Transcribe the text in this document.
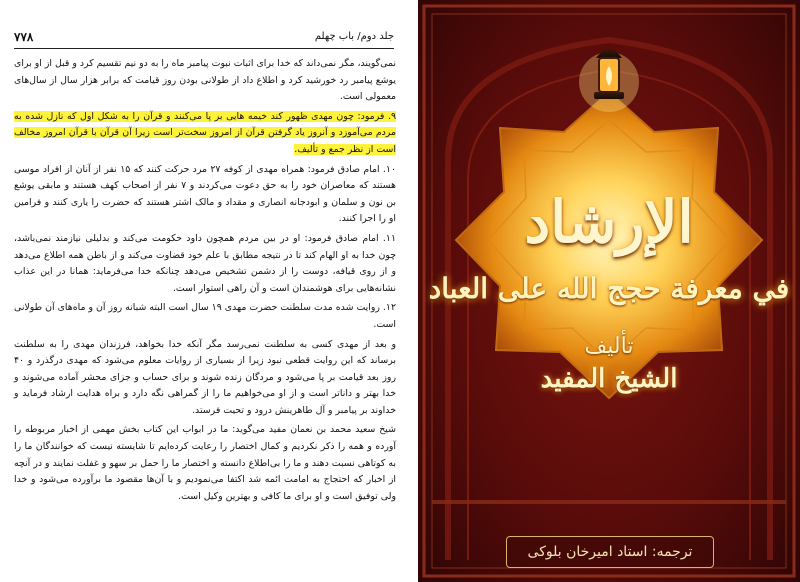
۷۷۸	جلد دوم/ باب چهلم

نمی‌گویند، مگر نمی‌داند که خدا برای اثبات نبوت پیامبر ماه را به دو نیم تقسیم کرد و قبل از او برای یوشع پیامبر رد خورشید کرد و اطلاع داد از طولانی بودن روز قیامت که برابر هزار سال از سال‌های معمولی است.

۹. فرمود: چون مهدی ظهور کند خیمه هایی بر پا می‌کنند و قرآن را به شکل اول که نازل شده به مردم می‌آموزد و آنروز یاد گرفتن قرآن از امروز سخت‌تر است زیرا آن قرآن با قرآن امروز مخالف است از نظر جمع و تألیف.

۱۰. امام صادق فرمود: همراه مهدی از کوفه ۲۷ مرد حرکت کنند که ۱۵ نفر از آنان از افراد موسی هستند که معاصران خود را به حق دعوت می‌کردند و ۷ نفر از اصحاب کهف هستند و مابقی یوشع بن نون و سلمان و ابودجانه انصاری و مقداد و مالک اشتر هستند که حضرت را یاری کنند و فرامین او را اجرا کنند.

۱۱. امام صادق فرمود: او در بین مردم همچون داود حکومت می‌کند و بدلیلی نیازمند نمی‌باشد، چون خدا به او الهام کند تا در نتیجه مطابق با علم خود قضاوت می‌کند و از باطن همه اطلاع می‌دهد و از روی قیافه، دوست را از دشمن تشخیص می‌دهد چنانکه خدا می‌فرماید: همانا در این عذاب نشانه‌هایی برای هوشمندان است و آن راهی استوار است.

۱۲. روایت شده مدت سلطنت حضرت مهدی ۱۹ سال است البته شبانه روز آن و ماه‌های آن طولانی است.

و بعد از مهدی کسی به سلطنت نمی‌رسد مگر آنکه خدا بخواهد، فرزندان مهدی را به سلطنت برساند که این روایت قطعی نبود زیرا از بسیاری از روایات معلوم می‌شود که مهدی درگذرد و ۴۰ روز بعد قیامت بر پا می‌شود و مردگان زنده شوند و برای حساب و جزای محشر آماده می‌شوند و خدا بهتر و داناتر است و از او می‌خواهیم ما را از گمراهی نگه دارد و براه هدایت ارشاد فرماید و خداوند بر پیامبر و آل طاهرینش درود و تحیت فرستد.

شیخ سعید محمد بن نعمان مفید می‌گوید: ما در ابواب این کتاب بخش مهمی از اخبار مربوطه را آورده و همه را ذکر نکردیم و کمال اختصار را رعایت کرده‌ایم تا شایسته نیست که خوانندگان ما را به کوتاهی نسبت دهند و ما را بی‌اطلاع دانسته و اختصار ما را حمل بر سهو و غفلت نمایند و در آنچه از اخبار که احتجاج به امامت ائمه شد اکتفا می‌نمودیم و با آن‌ها مقصود ما برآورده می‌شود و خدا ولی توفیق است و او برای ما کافی و بهترین وکیل است.

الإرشاد
في معرفة حجج الله على العباد
تأليف
الشيخ المفيد
ترجمه: استاد امیرخان بلوکی
